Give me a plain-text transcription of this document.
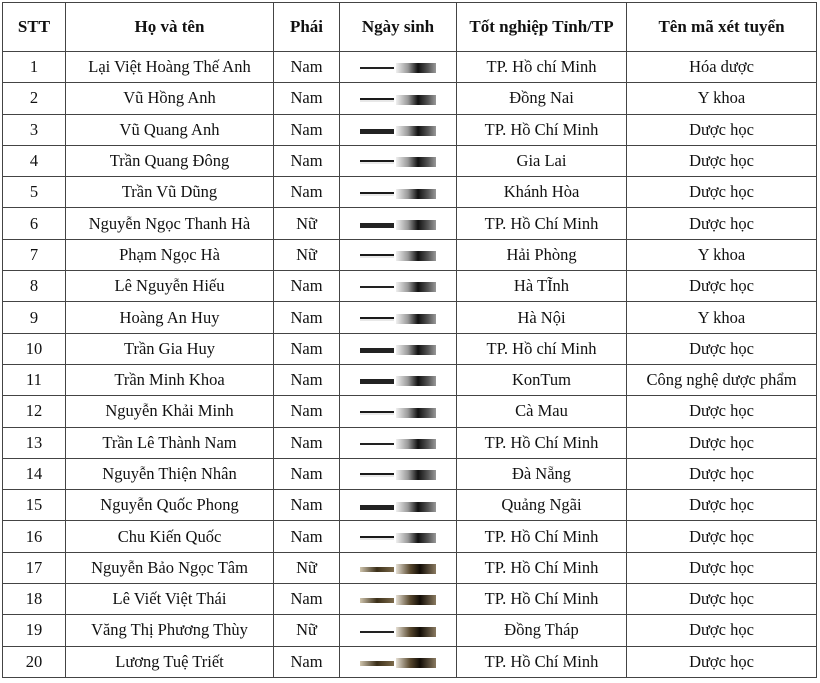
STT	Họ và tên	Phái	Ngày sinh	Tốt nghiệp Tỉnh/TP	Tên mã xét tuyển
1	Lại Việt Hoàng Thế Anh	Nam		TP. Hồ chí Minh	Hóa dược
2	Vũ Hồng Anh	Nam		Đồng Nai	Y khoa
3	Vũ Quang Anh	Nam		TP. Hồ Chí Minh	Dược học
4	Trần Quang Đông	Nam		Gia Lai	Dược học
5	Trần Vũ Dũng	Nam		Khánh Hòa	Dược học
6	Nguyễn Ngọc Thanh Hà	Nữ		TP. Hồ Chí Minh	Dược học
7	Phạm Ngọc Hà	Nữ		Hải Phòng	Y khoa
8	Lê Nguyễn Hiếu	Nam		Hà TĨnh	Dược học
9	Hoàng An Huy	Nam		Hà Nội	Y khoa
10	Trần Gia Huy	Nam		TP. Hồ chí Minh	Dược học
11	Trần Minh Khoa	Nam		KonTum	Công nghệ dược phẩm
12	Nguyễn Khải Minh	Nam		Cà Mau	Dược học
13	Trần Lê Thành Nam	Nam		TP. Hồ Chí Minh	Dược học
14	Nguyễn Thiện Nhân	Nam		Đà Nẵng	Dược học
15	Nguyễn Quốc Phong	Nam		Quảng Ngãi	Dược học
16	Chu Kiến Quốc	Nam		TP. Hồ Chí Minh	Dược học
17	Nguyễn Bảo Ngọc Tâm	Nữ		TP. Hồ Chí Minh	Dược học
18	Lê Viết Việt Thái	Nam		TP. Hồ Chí Minh	Dược học
19	Văng Thị Phương Thùy	Nữ		Đồng Tháp	Dược học
20	Lương Tuệ Triết	Nam		TP. Hồ Chí Minh	Dược học
